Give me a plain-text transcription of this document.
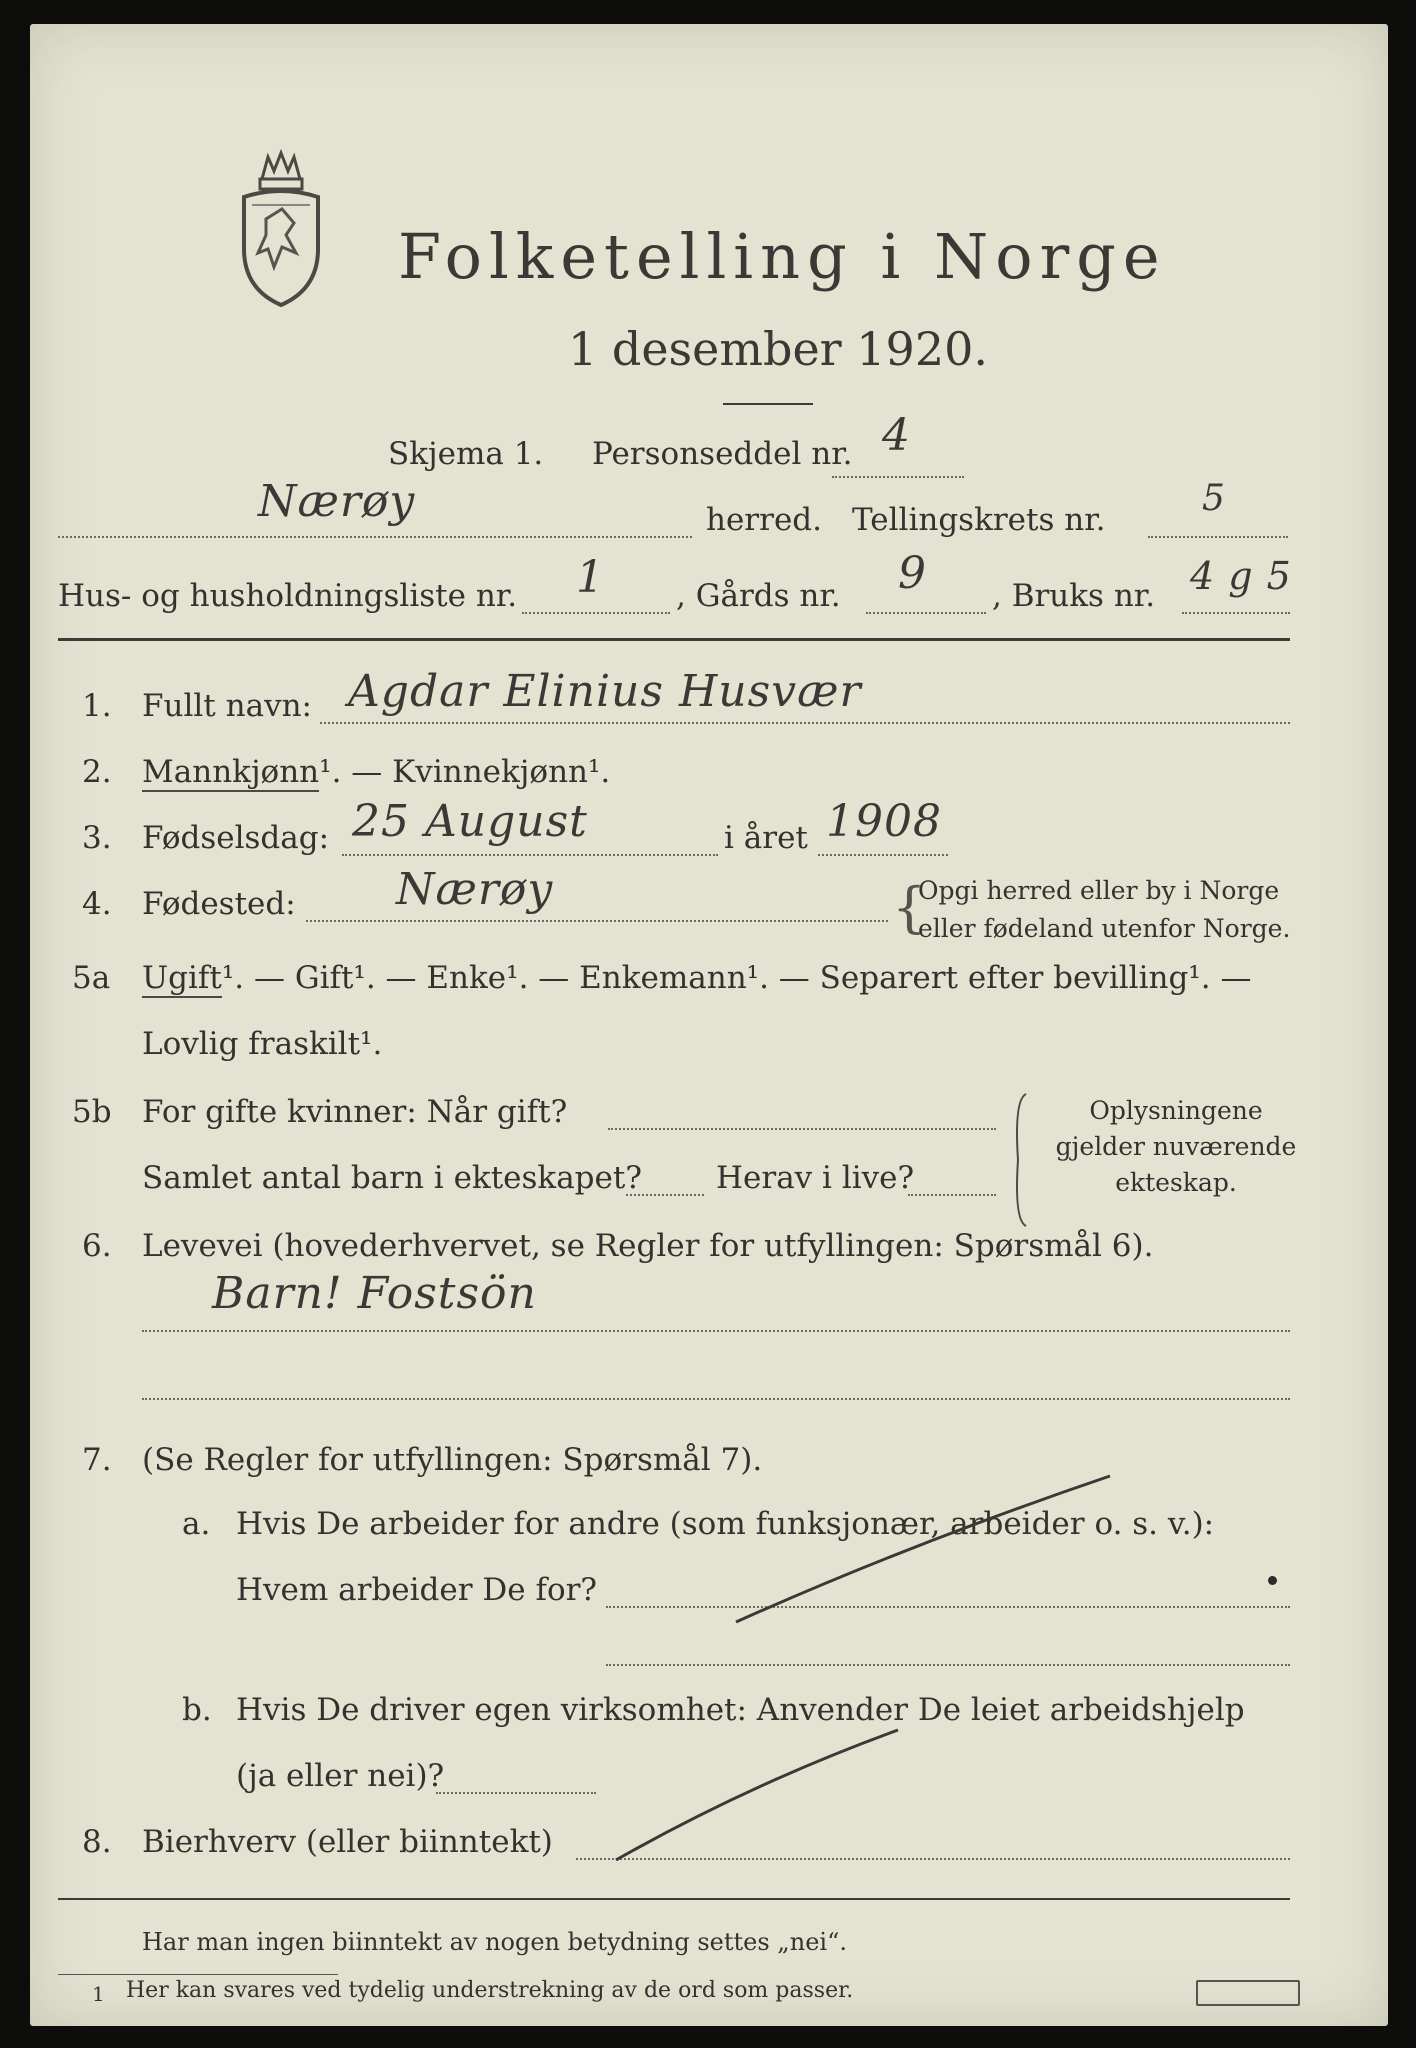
Folketelling i Norge
1 desember 1920.
Skjema 1. Personseddel nr. 4
Nærøy	herred. Tellingskrets nr.
5
Hus- og husholdningsliste nr. 1 , Gårds nr. 9 , Bruks nr. 4 g 5
1. Fullt navn: Agdar Elinius Husvær
2. Mannkjønn¹. — Kvinnekjønn¹.
3. Fødselsdag: 25 August	i året 1908
4. Fødested: Nærøy	{
Opgi herred eller by i Norge
eller fødeland utenfor Norge.
5a Ugift¹. — Gift¹. — Enke¹. — Enkemann¹. — Separert efter bevilling¹. —
Lovlig fraskilt¹.
5b For gifte kvinner: Når gift?
Samlet antal barn i ekteskapet? Herav i live?
Oplysningene
gjelder nuværende
ekteskap.
6. Levevei (hovederhvervet, se Regler for utfyllingen: Spørsmål 6).
Barn! Fostsön
7. (Se Regler for utfyllingen: Spørsmål 7).
a. Hvis De arbeider for andre (som funksjonær, arbeider o. s. v.):
Hvem arbeider De for?
b. Hvis De driver egen virksomhet: Anvender De leiet arbeidshjelp
(ja eller nei)?
8. Bierhverv (eller biinntekt)
Har man ingen biinntekt av nogen betydning settes „nei“.
1 Her kan svares ved tydelig understrekning av de ord som passer.
